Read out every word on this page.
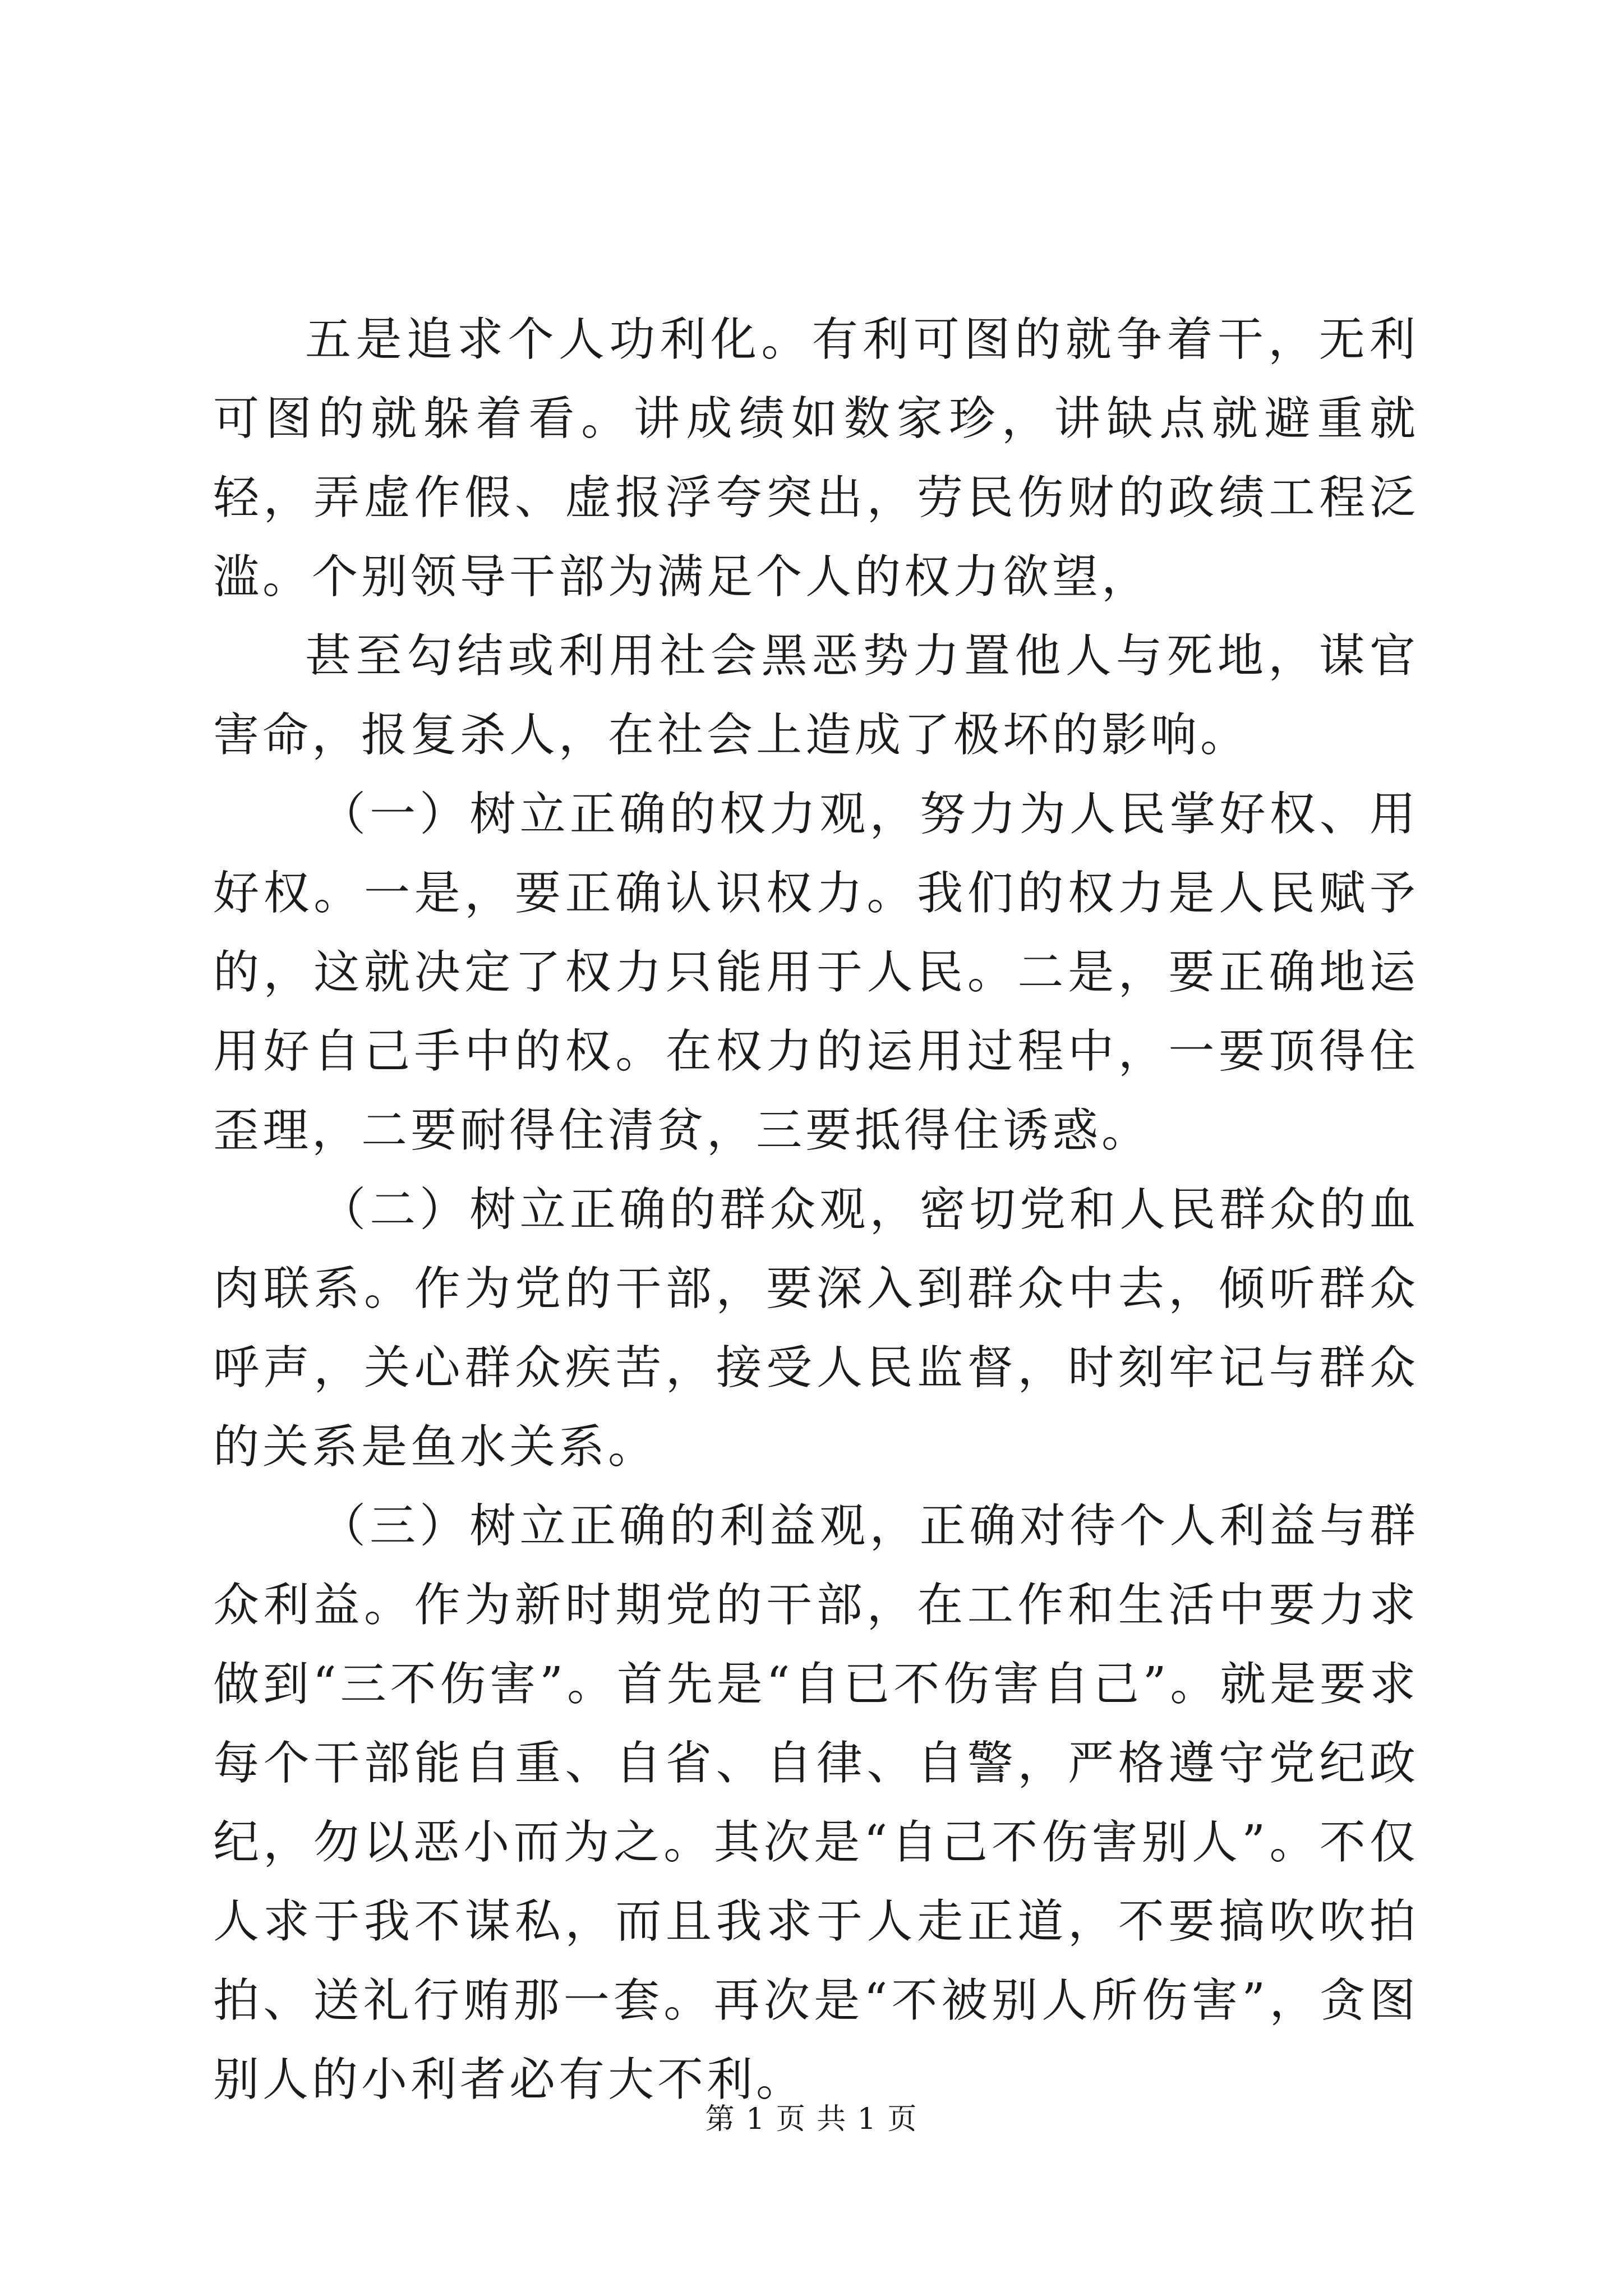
五是追求个人功利化。有利可图的就争着干，无利可图的就躲着看。讲成绩如数家珍，讲缺点就避重就轻，弄虚作假、虚报浮夸突出，劳民伤财的政绩工程泛滥。个别领导干部为满足个人的权力欲望，

甚至勾结或利用社会黑恶势力置他人与死地，谋官害命，报复杀人，在社会上造成了极坏的影响。

（一）树立正确的权力观，努力为人民掌好权、用好权。一是，要正确认识权力。我们的权力是人民赋予的，这就决定了权力只能用于人民。二是，要正确地运用好自己手中的权。在权力的运用过程中，一要顶得住歪理，二要耐得住清贫，三要抵得住诱惑。

（二）树立正确的群众观，密切党和人民群众的血肉联系。作为党的干部，要深入到群众中去，倾听群众呼声，关心群众疾苦，接受人民监督，时刻牢记与群众的关系是鱼水关系。

（三）树立正确的利益观，正确对待个人利益与群众利益。作为新时期党的干部，在工作和生活中要力求做到“三不伤害”。首先是“自已不伤害自己”。就是要求每个干部能自重、自省、自律、自警，严格遵守党纪政纪，勿以恶小而为之。其次是“自己不伤害别人”。不仅人求于我不谋私，而且我求于人走正道，不要搞吹吹拍拍、送礼行贿那一套。再次是“不被别人所伤害”，贪图别人的小利者必有大不利。

第 1 页 共 1 页
